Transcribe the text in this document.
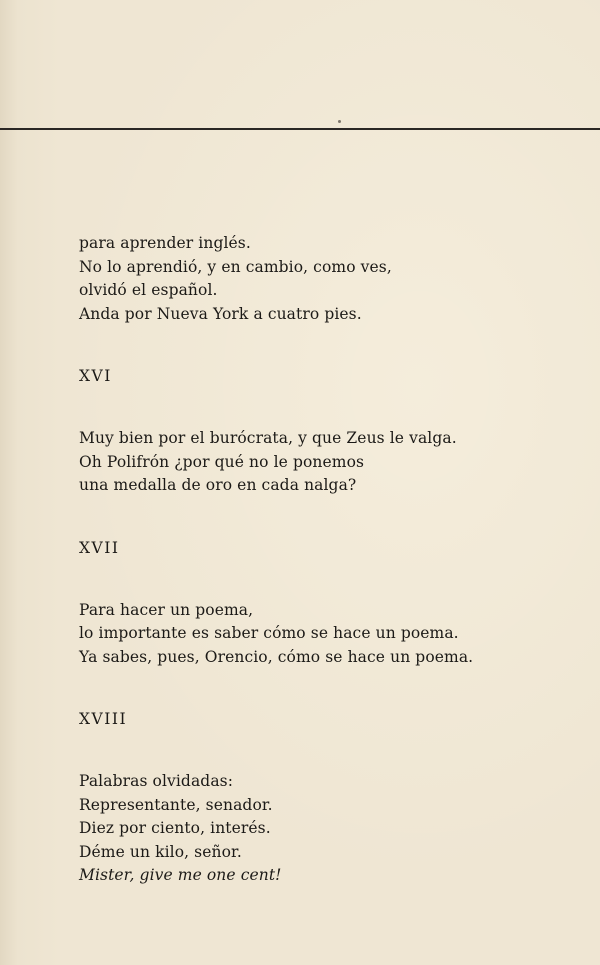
para aprender inglés.
No lo aprendió, y en cambio, como ves,
olvidó el español.
Anda por Nueva York a cuatro pies.
XVI
Muy bien por el burócrata, y que Zeus le valga.
Oh Polifrón ¿por qué no le ponemos
una medalla de oro en cada nalga?
XVII
Para hacer un poema,
lo importante es saber cómo se hace un poema.
Ya sabes, pues, Orencio, cómo se hace un poema.
XVIII
Palabras olvidadas:
Representante, senador.
Diez por ciento, interés.
Déme un kilo, señor.
Mister, give me one cent!
